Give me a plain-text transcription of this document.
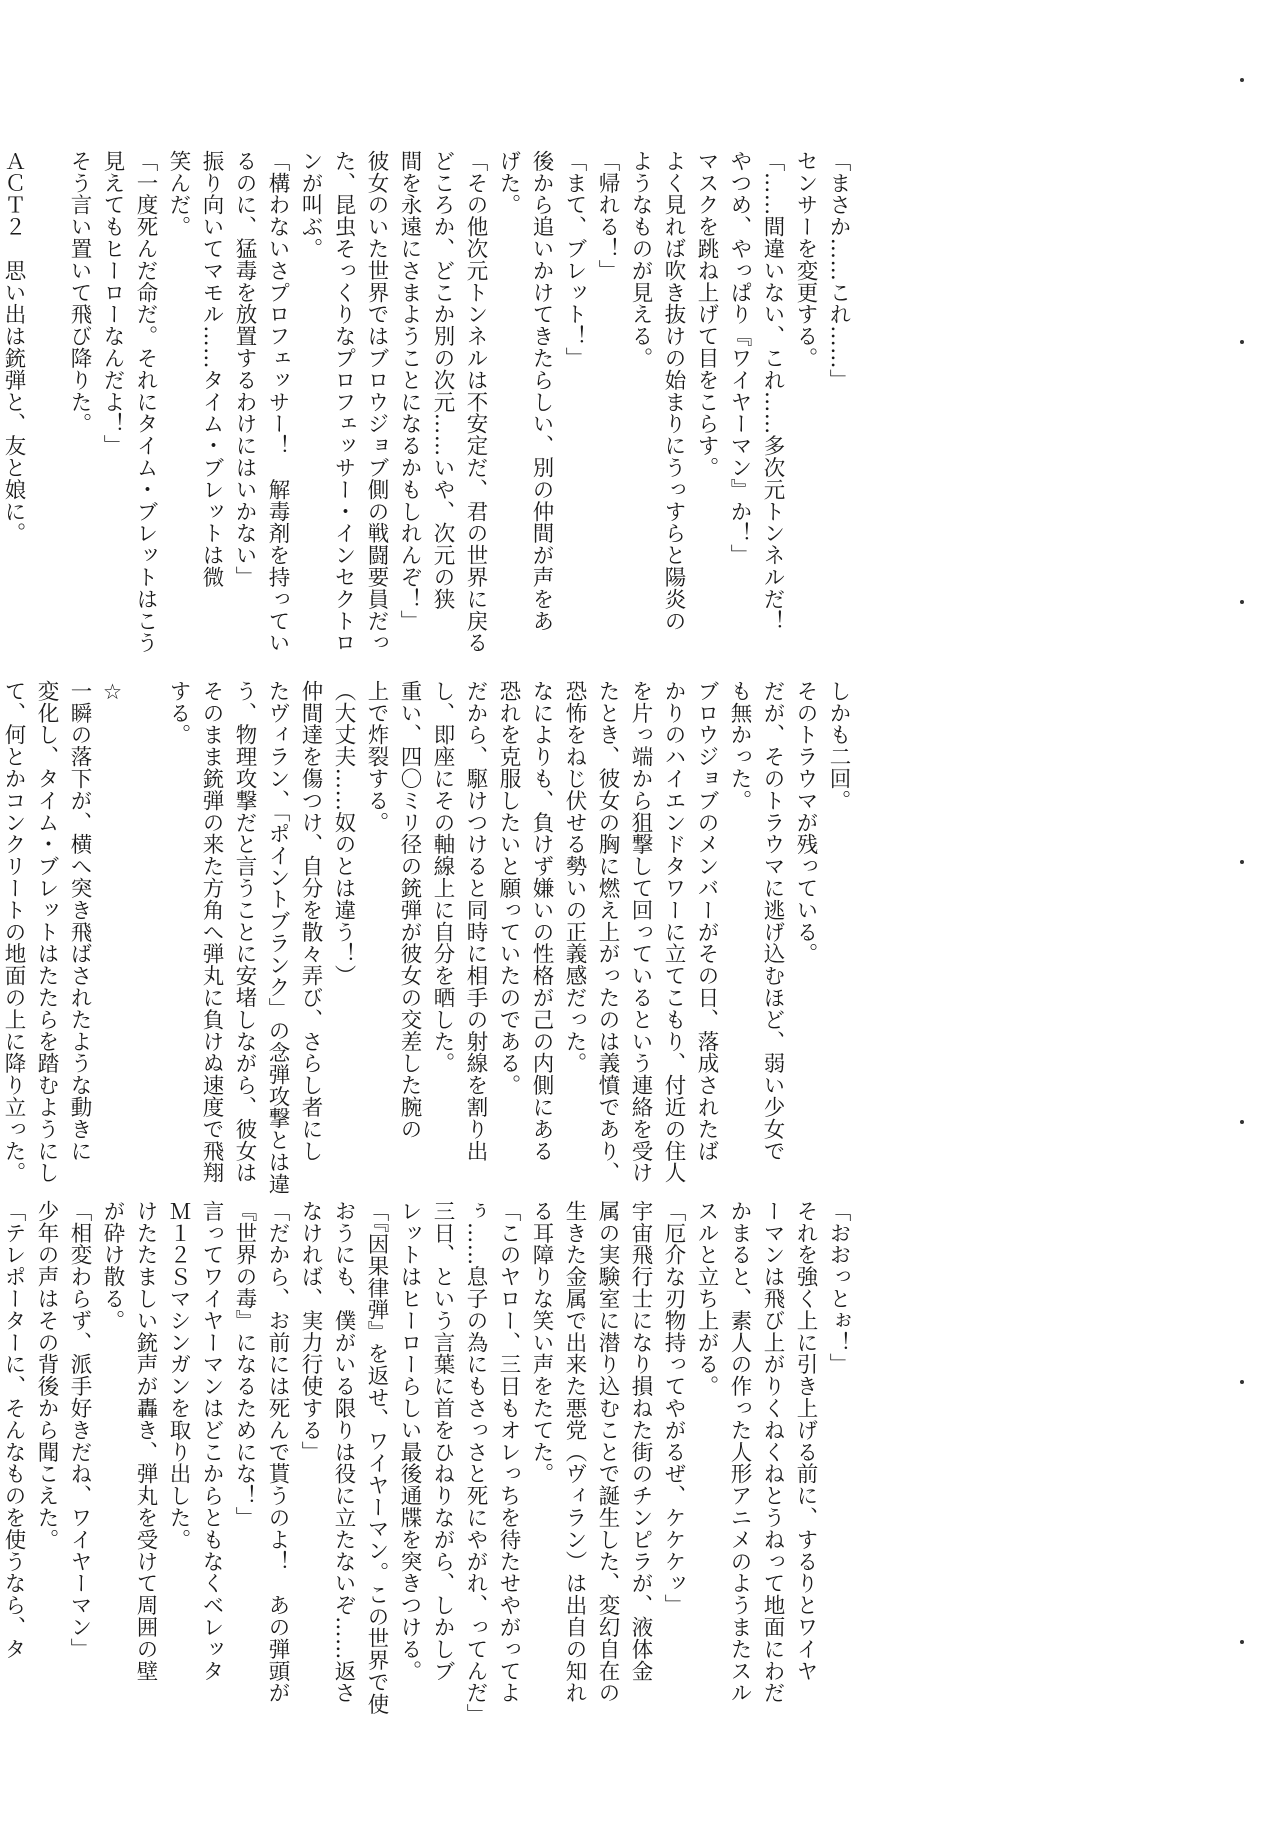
「まさか……これ……」

センサーを変更する。

「……間違いない、これ……多次元トンネルだ！

やつめ、やっぱり『ワイヤーマン』か！」

マスクを跳ね上げて目をこらす。

よく見れば吹き抜けの始まりにうっすらと陽炎の

ようなものが見える。

「帰れる！」

「まて、ブレット！」

後から追いかけてきたらしい、別の仲間が声をあ

げた。

「その他次元トンネルは不安定だ、君の世界に戻る

どころか、どこか別の次元……いや、次元の狭

間を永遠にさまようことになるかもしれんぞ！」

彼女のいた世界ではブロウジョブ側の戦闘要員だっ

た、昆虫そっくりなプロフェッサー・インセクトロ

ンが叫ぶ。

「構わないさプロフェッサー！　解毒剤を持ってい

るのに、猛毒を放置するわけにはいかない」

振り向いてマモル……タイム・ブレットは微

笑んだ。

「一度死んだ命だ。それにタイム・ブレットはこう

見えてもヒーローなんだよ！」

そう言い置いて飛び降りた。

ＡＣＴ２　思い出は銃弾と、友と娘に。

しかも二回。

そのトラウマが残っている。

だが、そのトラウマに逃げ込むほど、弱い少女で

も無かった。

ブロウジョブのメンバーがその日、落成されたば

かりのハイエンドタワーに立てこもり、付近の住人

を片っ端から狙撃して回っているという連絡を受け

たとき、彼女の胸に燃え上がったのは義憤であり、

恐怖をねじ伏せる勢いの正義感だった。

なによりも、負けず嫌いの性格が己の内側にある

恐れを克服したいと願っていたのである。

だから、駆けつけると同時に相手の射線を割り出

し、即座にその軸線上に自分を晒した。

重い、四〇ミリ径の銃弾が彼女の交差した腕の

上で炸裂する。

（大丈夫……奴のとは違う！）

仲間達を傷つけ、自分を散々弄び、さらし者にし

たヴィラン、「ポイントブランク」の念弾攻撃とは違

う、物理攻撃だと言うことに安堵しながら、彼女は

そのまま銃弾の来た方角へ弾丸に負けぬ速度で飛翔

する。

☆

一瞬の落下が、横へ突き飛ばされたような動きに

変化し、タイム・ブレットはたたらを踏むようにし

て、何とかコンクリートの地面の上に降り立った。

「おおっとぉ！」

それを強く上に引き上げる前に、するりとワイヤ

ーマンは飛び上がりくねくねとうねって地面にわだ

かまると、素人の作った人形アニメのようまたスル

スルと立ち上がる。

「厄介な刃物持ってやがるぜ、ケケケッ」

宇宙飛行士になり損ねた街のチンピラが、液体金

属の実験室に潜り込むことで誕生した、変幻自在の

生きた金属で出来た悪党（ヴィラン）は出自の知れ

る耳障りな笑い声をたてた。

「このヤロー、三日もオレっちを待たせやがってよ

ぅ……息子の為にもさっさと死にやがれ、ってんだ」

三日、という言葉に首をひねりながら、しかしブ

レットはヒーローらしい最後通牒を突きつける。

「『因果律弾』を返せ、ワイヤーマン。この世界で使

おうにも、僕がいる限りは役に立たないぞ……返さ

なければ、実力行使する」

「だから、お前には死んで貰うのよ！　あの弾頭が

『世界の毒』になるためにな！」

言ってワイヤーマンはどこからともなくベレッタ

Ｍ１２Ｓマシンガンを取り出した。

けたたましい銃声が轟き、弾丸を受けて周囲の壁

が砕け散る。

「相変わらず、派手好きだね、ワイヤーマン」

少年の声はその背後から聞こえた。

「テレポーターに、そんなものを使うなら、タ
